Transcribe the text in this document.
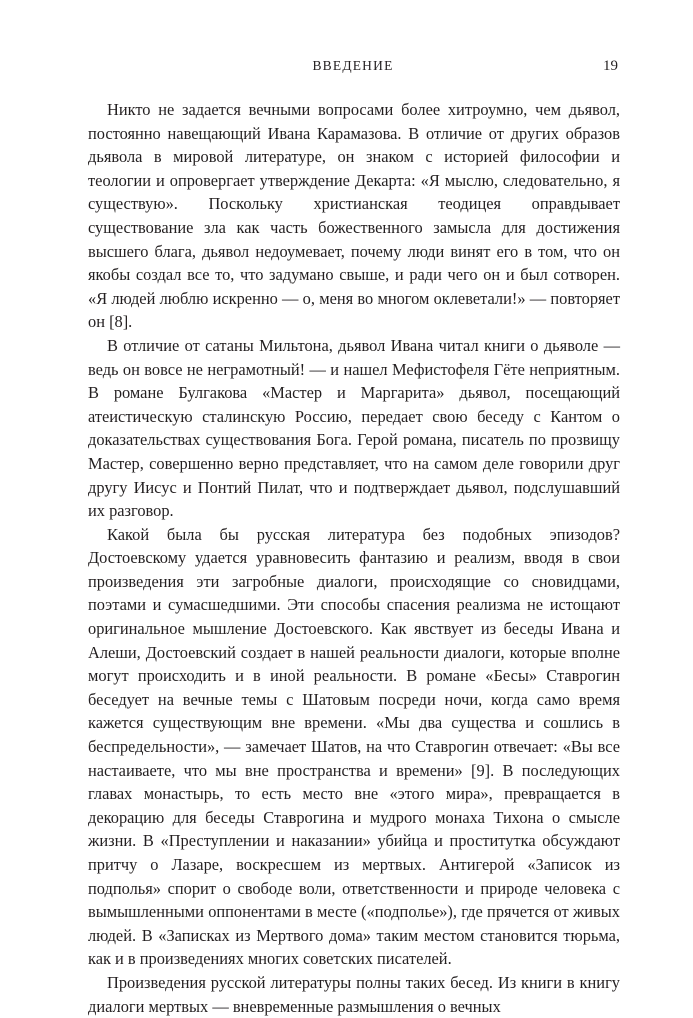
ВВЕДЕНИЕ	19

Никто не задается вечными вопросами более хитроумно, чем дьявол, постоянно навещающий Ивана Карамазова. В отличие от других образов дьявола в мировой литературе, он знаком с историей философии и теологии и опровергает утверждение Декарта: «Я мыслю, следовательно, я существую». Поскольку христианская теодицея оправдывает существование зла как часть божественного замысла для достижения высшего блага, дьявол недоумевает, почему люди винят его в том, что он якобы создал все то, что задумано свыше, и ради чего он и был сотворен. «Я людей люблю искренно — о, меня во многом оклеветали!» — повторяет он [8].

В отличие от сатаны Мильтона, дьявол Ивана читал книги о дьяволе — ведь он вовсе не неграмотный! — и нашел Мефистофеля Гёте неприятным. В романе Булгакова «Мастер и Маргарита» дьявол, посещающий атеистическую сталинскую Россию, передает свою беседу с Кантом о доказательствах существования Бога. Герой романа, писатель по прозвищу Мастер, совершенно верно представляет, что на самом деле говорили друг другу Иисус и Понтий Пилат, что и подтверждает дьявол, подслушавший их разговор.

Какой была бы русская литература без подобных эпизодов? Достоевскому удается уравновесить фантазию и реализм, вводя в свои произведения эти загробные диалоги, происходящие со сновидцами, поэтами и сумасшедшими. Эти способы спасения реализма не истощают оригинальное мышление Достоевского. Как явствует из беседы Ивана и Алеши, Достоевский создает в нашей реальности диалоги, которые вполне могут происходить и в иной реальности. В романе «Бесы» Ставрогин беседует на вечные темы с Шатовым посреди ночи, когда само время кажется существующим вне времени. «Мы два существа и сошлись в беспредельности», — замечает Шатов, на что Ставрогин отвечает: «Вы все настаиваете, что мы вне пространства и времени» [9]. В последующих главах монастырь, то есть место вне «этого мира», превращается в декорацию для беседы Ставрогина и мудрого монаха Тихона о смысле жизни. В «Преступлении и наказании» убийца и проститутка обсуждают притчу о Лазаре, воскресшем из мертвых. Антигерой «Записок из подполья» спорит о свободе воли, ответственности и природе человека с вымышленными оппонентами в месте («подполье»), где прячется от живых людей. В «Записках из Мертвого дома» таким местом становится тюрьма, как и в произведениях многих советских писателей.

Произведения русской литературы полны таких бесед. Из книги в книгу диалоги мертвых — вневременные размышления о вечных
